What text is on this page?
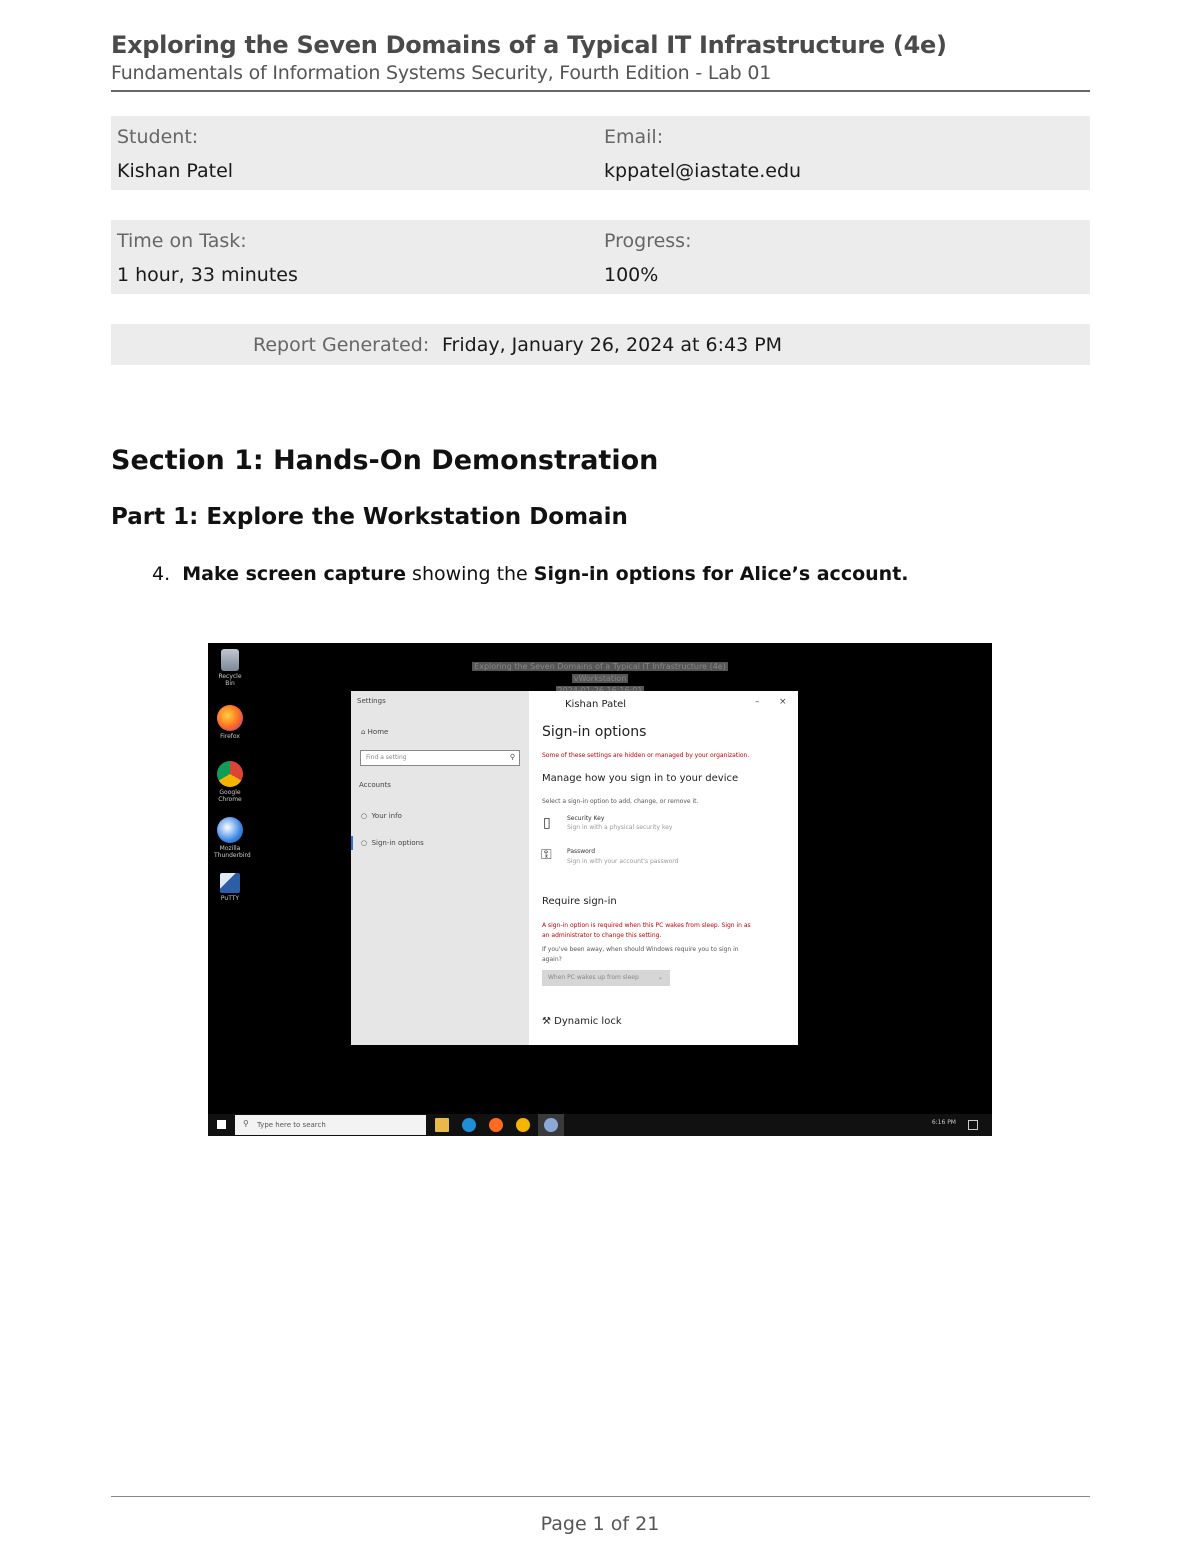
Exploring the Seven Domains of a Typical IT Infrastructure (4e)
Fundamentals of Information Systems Security, Fourth Edition - Lab 01
Student:
Kishan Patel
Email:
kppatel@iastate.edu
Time on Task:
1 hour, 33 minutes
Progress:
100%
Report Generated: Friday, January 26, 2024 at 6:43 PM
Section 1: Hands-On Demonstration
Part 1: Explore the Workstation Domain
4. Make screen capture showing the Sign-in options for Alice’s account.
Recycle Bin
Firefox
Google Chrome
Mozilla Thunderbird
PuTTY
Exploring the Seven Domains of a Typical IT Infrastructure (4e)
vWorkstation
Settings
⌂ Home
Find a setting	⚲
Accounts
○  Your info
○  Sign-in options
Kishan Patel	– ×
Sign-in options
Some of these settings are hidden or managed by your organization.
Manage how you sign in to your device
Select a sign-in option to add, change, or remove it.
▯	Security Key
Sign in with a physical security key
⚿	Password
Sign in with your account's password
Require sign-in
A sign-in option is required when this PC wakes from sleep. Sign in as
an administrator to change this setting.
If you've been away, when should Windows require you to sign in
again?
When PC wakes up from sleep	⌄
⚒ Dynamic lock
⚲ Type here to search	6:16 PM
Page 1 of 21
